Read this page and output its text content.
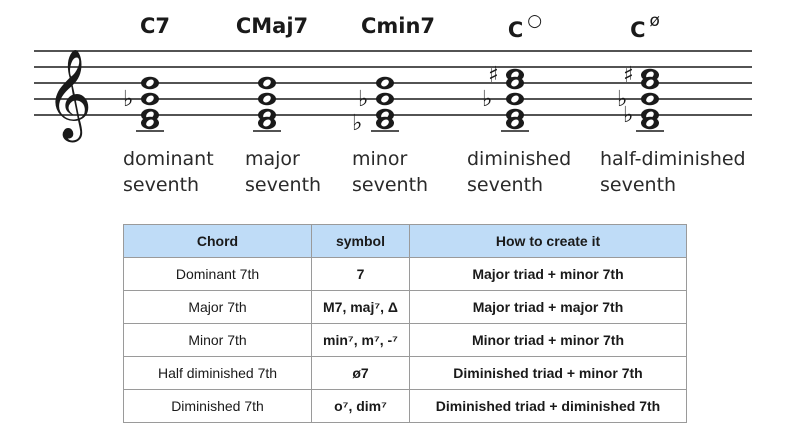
𝄞 ♭	♭
♭
♯
♭
♯
♭
♭
C7	CMaj7	Cmin7	C ○	C $^ø$
dominant
seventh
major
seventh
minor
seventh
diminished
seventh
half-diminished
seventh
Chord	symbol	How to create it
Dominant 7th	7	Major triad + minor 7th
Major 7th	M7, maj⁷, Δ	Major triad + major 7th
Minor 7th	min⁷, m⁷, -⁷	Minor triad + minor 7th
Half diminished 7th	ø7	Diminished triad + minor 7th
Diminished 7th	o⁷, dim⁷	Diminished triad + diminished 7th
